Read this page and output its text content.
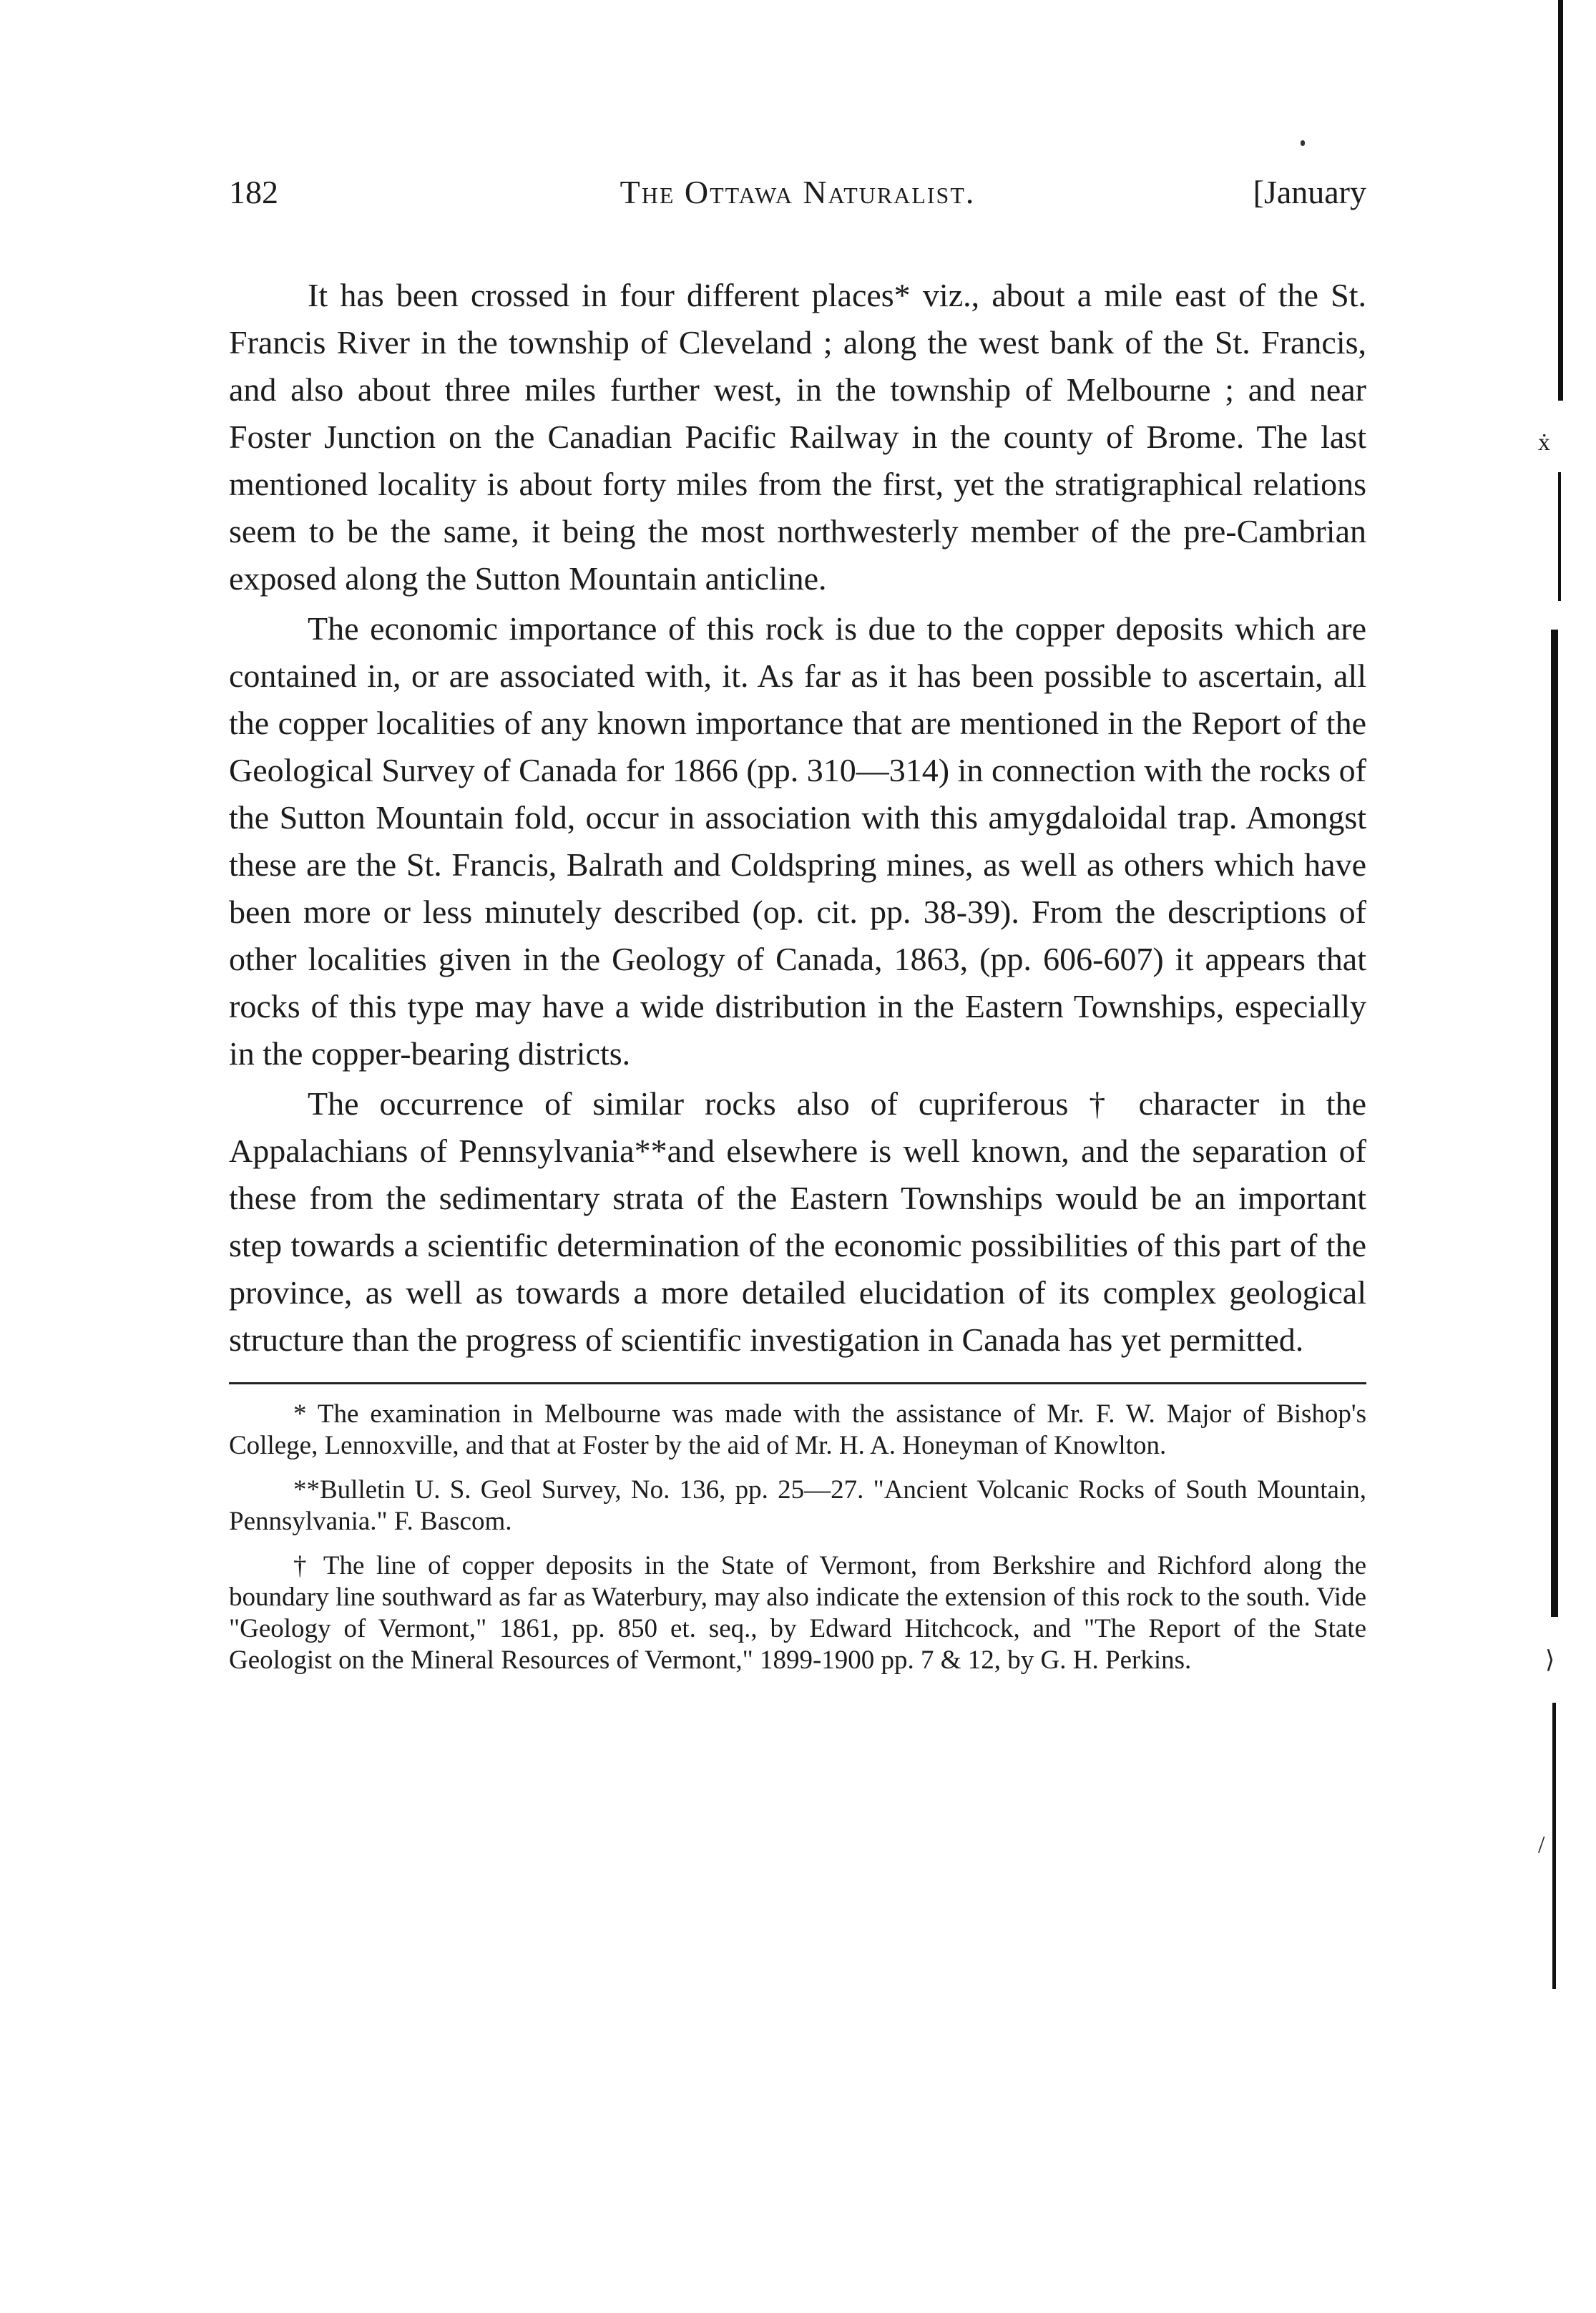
182	The Ottawa Naturalist.	[January

It has been crossed in four different places* viz., about a mile east of the St. Francis River in the township of Cleveland ; along the west bank of the St. Francis, and also about three miles further west, in the township of Melbourne ; and near Foster Junction on the Canadian Pacific Railway in the county of Brome. The last mentioned locality is about forty miles from the first, yet the stratigraphical relations seem to be the same, it being the most northwesterly member of the pre-Cambrian exposed along the Sutton Mountain anticline.

The economic importance of this rock is due to the copper deposits which are contained in, or are associated with, it. As far as it has been possible to ascertain, all the copper localities of any known importance that are mentioned in the Report of the Geological Survey of Canada for 1866 (pp. 310—314) in connection with the rocks of the Sutton Mountain fold, occur in association with this amygdaloidal trap. Amongst these are the St. Francis, Balrath and Coldspring mines, as well as others which have been more or less minutely described (op. cit. pp. 38-39). From the descriptions of other localities given in the Geology of Canada, 1863, (pp. 606-607) it appears that rocks of this type may have a wide distribution in the Eastern Townships, especially in the copper-bearing districts.

The occurrence of similar rocks also of cupriferous † character in the Appalachians of Pennsylvania**and elsewhere is well known, and the separation of these from the sedimentary strata of the Eastern Townships would be an important step towards a scientific determination of the economic possibilities of this part of the province, as well as towards a more detailed elucidation of its complex geological structure than the progress of scientific investigation in Canada has yet permitted.

* The examination in Melbourne was made with the assistance of Mr. F. W. Major of Bishop's College, Lennoxville, and that at Foster by the aid of Mr. H. A. Honeyman of Knowlton.

**Bulletin U. S. Geol Survey, No. 136, pp. 25—27. "Ancient Volcanic Rocks of South Mountain, Pennsylvania." F. Bascom.

† The line of copper deposits in the State of Vermont, from Berkshire and Richford along the boundary line southward as far as Waterbury, may also indicate the extension of this rock to the south. Vide "Geology of Vermont," 1861, pp. 850 et. seq., by Edward Hitchcock, and "The Report of the State Geologist on the Mineral Resources of Vermont," 1899-1900 pp. 7 & 12, by G. H. Perkins.

ẋ
⟩
/
